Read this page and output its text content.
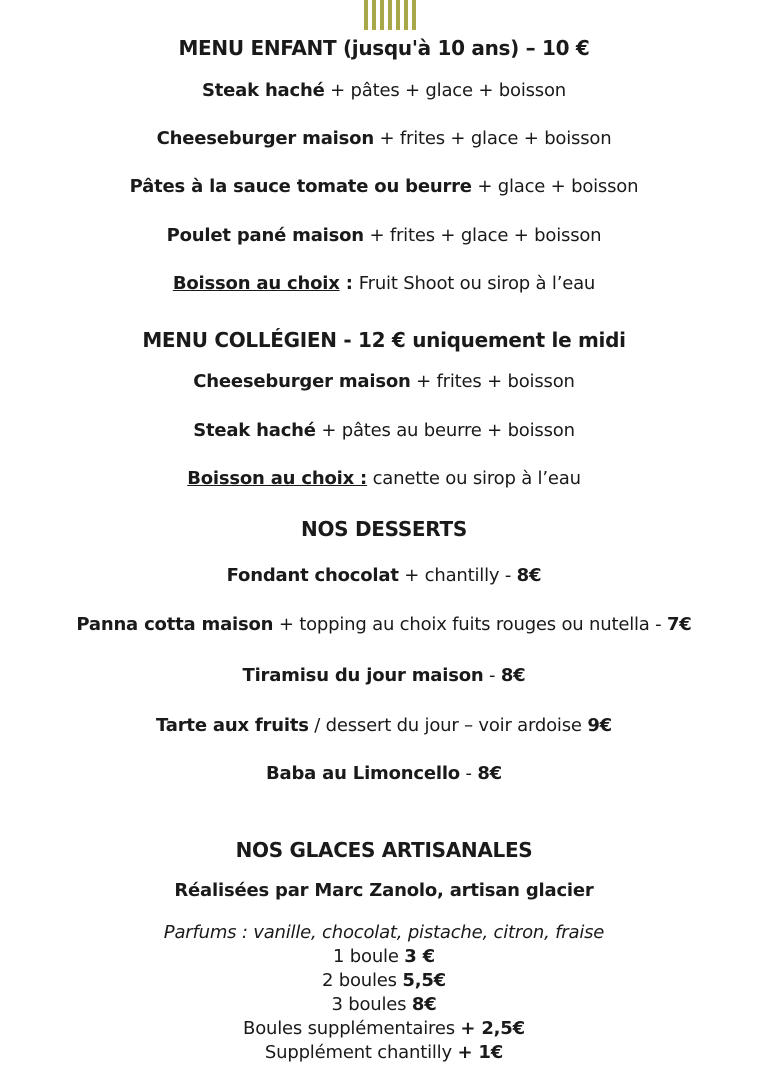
MENU ENFANT (jusqu'à 10 ans) – 10 €
Steak haché + pâtes + glace + boisson
Cheeseburger maison + frites + glace + boisson
Pâtes à la sauce tomate ou beurre + glace + boisson
Poulet pané maison + frites + glace + boisson
Boisson au choix : Fruit Shoot ou sirop à l’eau
MENU COLLÉGIEN - 12 € uniquement le midi
Cheeseburger maison + frites + boisson
Steak haché + pâtes au beurre + boisson
Boisson au choix : canette ou sirop à l’eau
NOS DESSERTS
Fondant chocolat + chantilly - 8€
Panna cotta maison + topping au choix fuits rouges ou nutella - 7€
Tiramisu du jour maison - 8€
Tarte aux fruits / dessert du jour – voir ardoise 9€
Baba au Limoncello - 8€
NOS GLACES ARTISANALES
Réalisées par Marc Zanolo, artisan glacier
Parfums : vanille, chocolat, pistache, citron, fraise
1 boule 3 €
2 boules 5,5€
3 boules 8€
Boules supplémentaires + 2,5€
Supplément chantilly + 1€
